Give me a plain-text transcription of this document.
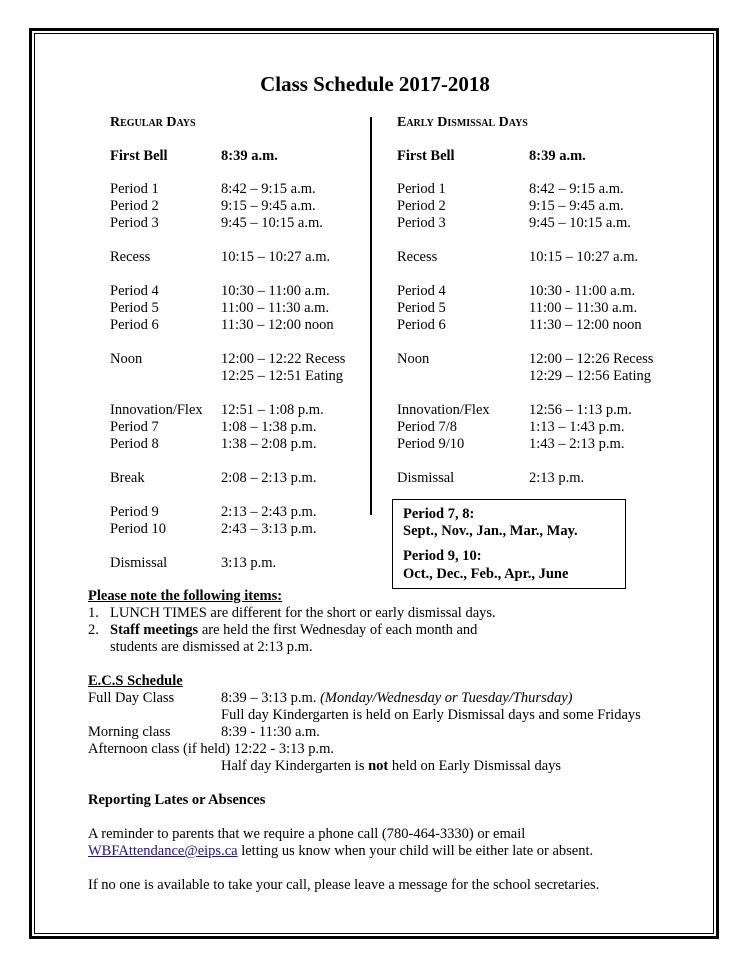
Class Schedule 2017-2018
Regular Days
First Bell	8:39 a.m.
Period 1	8:42 – 9:15 a.m.
Period 2	9:15 – 9:45 a.m.
Period 3	9:45 – 10:15 a.m.
Recess	10:15 – 10:27 a.m.
Period 4	10:30 – 11:00 a.m.
Period 5	11:00 – 11:30 a.m.
Period 6	11:30 – 12:00 noon
Noon	12:00 – 12:22 Recess
12:25 – 12:51 Eating
Innovation/Flex 12:51 – 1:08 p.m.
Period 7	1:08 – 1:38 p.m.
Period 8	1:38 – 2:08 p.m.
Break	2:08 – 2:13 p.m.
Period 9	2:13 – 2:43 p.m.
Period 10	2:43 – 3:13 p.m.
Dismissal	3:13 p.m.
Early Dismissal Days
First Bell	8:39 a.m.
Period 1	8:42 – 9:15 a.m.
Period 2	9:15 – 9:45 a.m.
Period 3	9:45 – 10:15 a.m.
Recess	10:15 – 10:27 a.m.
Period 4	10:30 - 11:00 a.m.
Period 5	11:00 – 11:30 a.m.
Period 6	11:30 – 12:00 noon
Noon	12:00 – 12:26 Recess
12:29 – 12:56 Eating
Innovation/Flex	12:56 – 1:13 p.m.
Period 7/8	1:13 – 1:43 p.m.
Period 9/10	1:43 – 2:13 p.m.
Dismissal	2:13 p.m.
Period 7, 8:
Sept., Nov., Jan., Mar., May.
Period 9, 10:
Oct., Dec., Feb., Apr., June
Please note the following items:
1. LUNCH TIMES are different for the short or early dismissal days.
2. Staff meetings are held the first Wednesday of each month and
students are dismissed at 2:13 p.m.
E.C.S Schedule
Full Day Class	8:39 – 3:13 p.m. (Monday/Wednesday or Tuesday/Thursday)
Full day Kindergarten is held on Early Dismissal days and some Fridays
Morning class	8:39 - 11:30 a.m.
Afternoon class (if held) 12:22 - 3:13 p.m.
Half day Kindergarten is not held on Early Dismissal days
Reporting Lates or Absences
A reminder to parents that we require a phone call (780-464-3330) or email
WBFAttendance@eips.ca letting us know when your child will be either late or absent.
If no one is available to take your call, please leave a message for the school secretaries.
